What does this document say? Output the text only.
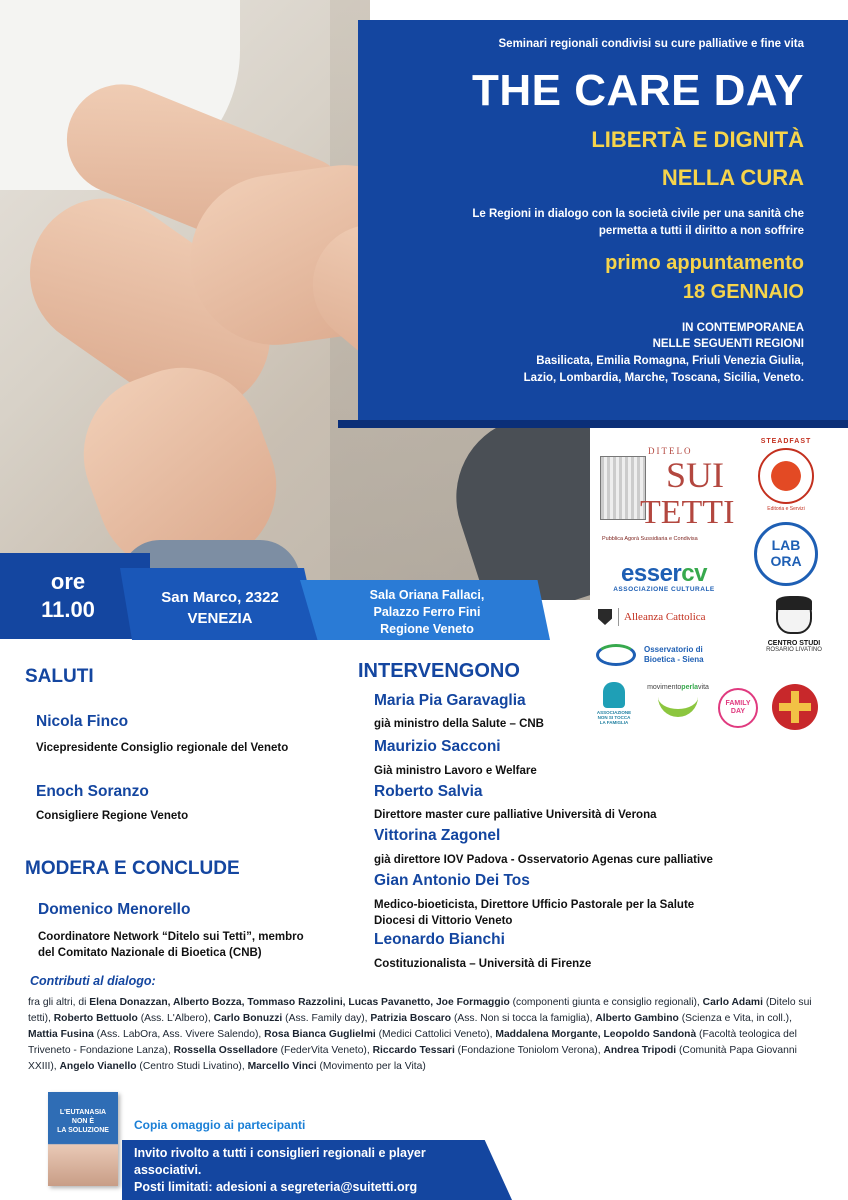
Seminari regionali condivisi su cure palliative e fine vita
THE CARE DAY
LIBERTÀ E DIGNITÀ
NELLA CURA
Le Regioni in dialogo con la società civile per una sanità che permetta a tutti il diritto a non soffrire
primo appuntamento
18 GENNAIO
IN CONTEMPORANEA
NELLE SEGUENTI REGIONI
Basilicata, Emilia Romagna, Friuli Venezia Giulia, Lazio, Lombardia, Marche, Toscana, Sicilia, Veneto.
ore
11.00	San Marco, 2322
VENEZIA
Sala Oriana Fallaci,
Palazzo Ferro Fini
Regione Veneto
DITELO
SUI
TETTI
Pubblica Agorà Sussidiaria e Condivisa
STEADFAST
Editoria e Servizi
LAB
ORA
essercv
ASSOCIAZIONE CULTURALE
Alleanza Cattolica
CENTRO STUDI
ROSARIO LIVATINO
Osservatorio di
Bioetica - Siena
ASSOCIAZIONE
NON SI TOCCA
LA FAMIGLIA
movimentoperlavita
FAMILY
DAY
SALUTI
Nicola Finco
Vicepresidente Consiglio regionale del Veneto
Enoch Soranzo
Consigliere Regione Veneto
MODERA E CONCLUDE
Domenico Menorello
Coordinatore Network “Ditelo sui Tetti”, membro
del Comitato Nazionale di Bioetica (CNB)
INTERVENGONO
Maria Pia Garavaglia
già ministro della Salute – CNB
Maurizio Sacconi
Già ministro Lavoro e Welfare
Roberto Salvia
Direttore master cure palliative Università di Verona
Vittorina Zagonel
già direttore IOV Padova - Osservatorio Agenas cure palliative
Gian Antonio Dei Tos
Medico-bioeticista, Direttore Ufficio Pastorale per la Salute
Diocesi di Vittorio Veneto
Leonardo Bianchi
Costituzionalista – Università di Firenze
Contributi al dialogo:
fra gli altri, di Elena Donazzan, Alberto Bozza, Tommaso Razzolini, Lucas Pavanetto, Joe Formaggio (componenti giunta e consiglio regionali), Carlo Adami (Ditelo sui tetti), Roberto Bettuolo (Ass. L'Albero), Carlo Bonuzzi (Ass. Family day), Patrizia Boscaro (Ass. Non si tocca la famiglia), Alberto Gambino (Scienza e Vita, in coll.), Mattia Fusina (Ass. LabOra, Ass. Vivere Salendo), Rosa Bianca Guglielmi (Medici Cattolici Veneto), Maddalena Morgante, Leopoldo Sandonà (Facoltà teologica del Triveneto - Fondazione Lanza), Rossella Osselladore (FederVita Veneto), Riccardo Tessari (Fondazione Toniolom Verona), Andrea Tripodi (Comunità Papa Giovanni XXIII), Angelo Vianello (Centro Studi Livatino), Marcello Vinci (Movimento per la Vita)
L'EUTANASIA
NON È
LA SOLUZIONE	Copia omaggio ai partecipanti
Invito rivolto a tutti i consiglieri regionali e player
associativi.
Posti limitati: adesioni a segreteria@suitetti.org
